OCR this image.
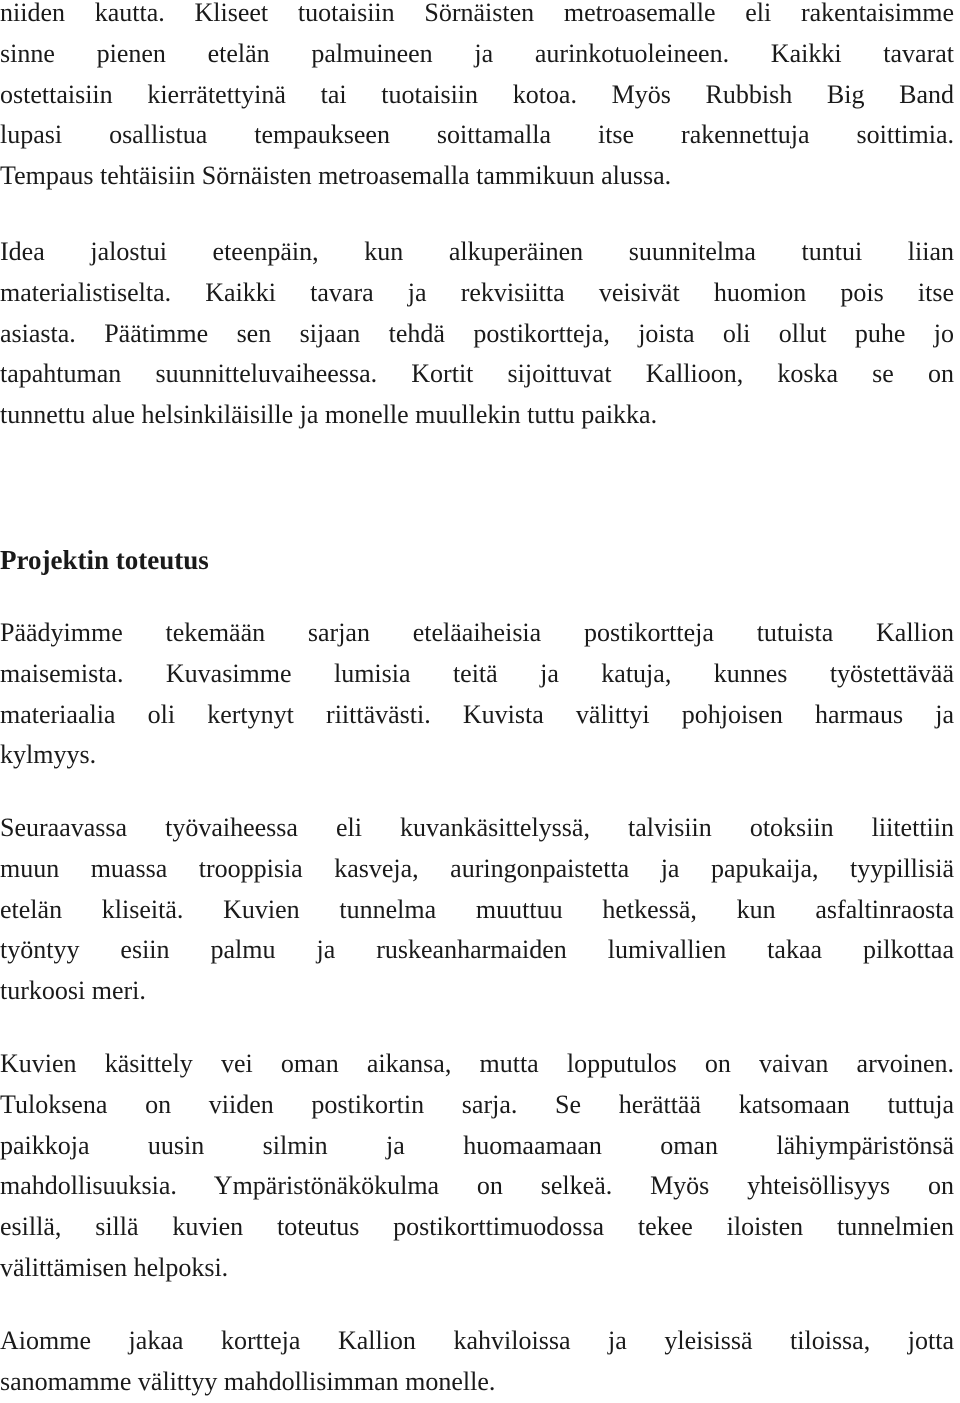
niiden kautta. Kliseet tuotaisiin Sörnäisten metroasemalle eli rakentaisimme
sinne pienen etelän palmuineen ja aurinkotuoleineen. Kaikki tavarat
ostettaisiin kierrätettyinä tai tuotaisiin kotoa. Myös Rubbish Big Band
lupasi osallistua tempaukseen soittamalla itse rakennettuja soittimia.
Tempaus tehtäisiin Sörnäisten metroasemalla tammikuun alussa.

Idea jalostui eteenpäin, kun alkuperäinen suunnitelma tuntui liian
materialistiselta. Kaikki tavara ja rekvisiitta veisivät huomion pois itse
asiasta. Päätimme sen sijaan tehdä postikortteja, joista oli ollut puhe jo
tapahtuman suunnitteluvaiheessa. Kortit sijoittuvat Kallioon, koska se on
tunnettu alue helsinkiläisille ja monelle muullekin tuttu paikka.

Projektin toteutus

Päädyimme tekemään sarjan eteläaiheisia postikortteja tutuista Kallion
maisemista. Kuvasimme lumisia teitä ja katuja, kunnes työstettävää
materiaalia oli kertynyt riittävästi. Kuvista välittyi pohjoisen harmaus ja
kylmyys.

Seuraavassa työvaiheessa eli kuvankäsittelyssä, talvisiin otoksiin liitettiin
muun muassa trooppisia kasveja, auringonpaistetta ja papukaija, tyypillisiä
etelän kliseitä. Kuvien tunnelma muuttuu hetkessä, kun asfaltinraosta
työntyy esiin palmu ja ruskeanharmaiden lumivallien takaa pilkottaa
turkoosi meri.

Kuvien käsittely vei oman aikansa, mutta lopputulos on vaivan arvoinen.
Tuloksena on viiden postikortin sarja. Se herättää katsomaan tuttuja
paikkoja uusin silmin ja huomaamaan oman lähiympäristönsä
mahdollisuuksia. Ympäristönäkökulma on selkeä. Myös yhteisöllisyys on
esillä, sillä kuvien toteutus postikorttimuodossa tekee iloisten tunnelmien
välittämisen helpoksi.

Aiomme jakaa kortteja Kallion kahviloissa ja yleisissä tiloissa, jotta
sanomamme välittyy mahdollisimman monelle.
